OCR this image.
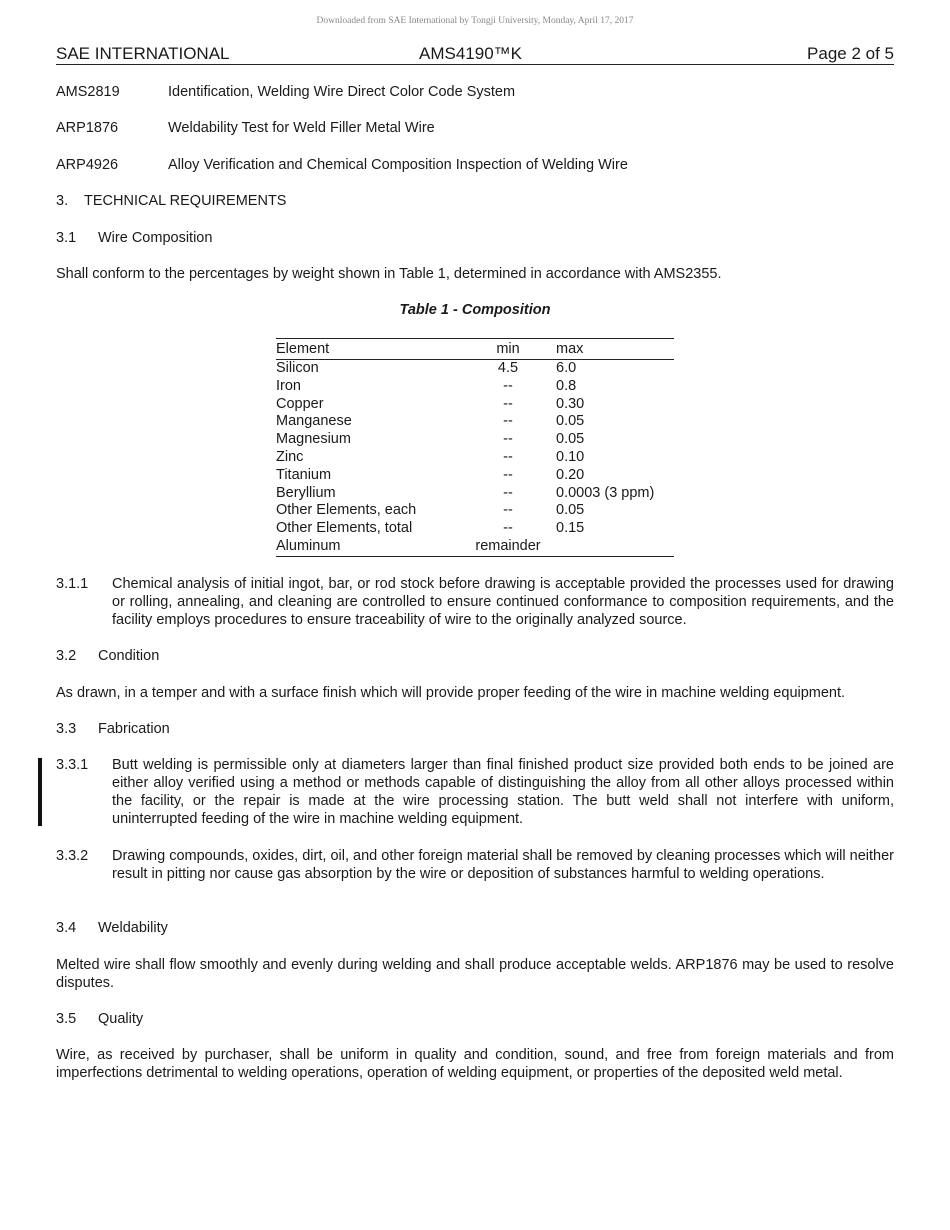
Downloaded from SAE International by Tongji University, Monday, April 17, 2017
SAE INTERNATIONAL	AMS4190™K	Page 2 of 5
AMS2819	Identification, Welding Wire Direct Color Code System
ARP1876	Weldability Test for Weld Filler Metal Wire
ARP4926	Alloy Verification and Chemical Composition Inspection of Welding Wire
3. TECHNICAL REQUIREMENTS
3.1 Wire Composition
Shall conform to the percentages by weight shown in Table 1, determined in accordance with AMS2355.
Table 1 - Composition
Element	min	max
Silicon	4.5	6.0
Iron	--	0.8
Copper	--	0.30
Manganese	--	0.05
Magnesium	--	0.05
Zinc	--	0.10
Titanium	--	0.20
Beryllium	--	0.0003 (3 ppm)
Other Elements, each	--	0.05
Other Elements, total	--	0.15
Aluminum	remainder
3.1.1 Chemical analysis of initial ingot, bar, or rod stock before drawing is acceptable provided the processes used for drawing or rolling, annealing, and cleaning are controlled to ensure continued conformance to composition requirements, and the facility employs procedures to ensure traceability of wire to the originally analyzed source.
3.2 Condition
As drawn, in a temper and with a surface finish which will provide proper feeding of the wire in machine welding equipment.
3.3 Fabrication
3.3.1 Butt welding is permissible only at diameters larger than final finished product size provided both ends to be joined are either alloy verified using a method or methods capable of distinguishing the alloy from all other alloys processed within the facility, or the repair is made at the wire processing station. The butt weld shall not interfere with uniform, uninterrupted feeding of the wire in machine welding equipment.
3.3.2 Drawing compounds, oxides, dirt, oil, and other foreign material shall be removed by cleaning processes which will neither result in pitting nor cause gas absorption by the wire or deposition of substances harmful to welding operations.
3.4 Weldability
Melted wire shall flow smoothly and evenly during welding and shall produce acceptable welds. ARP1876 may be used to resolve disputes.
3.5 Quality
Wire, as received by purchaser, shall be uniform in quality and condition, sound, and free from foreign materials and from imperfections detrimental to welding operations, operation of welding equipment, or properties of the deposited weld metal.
